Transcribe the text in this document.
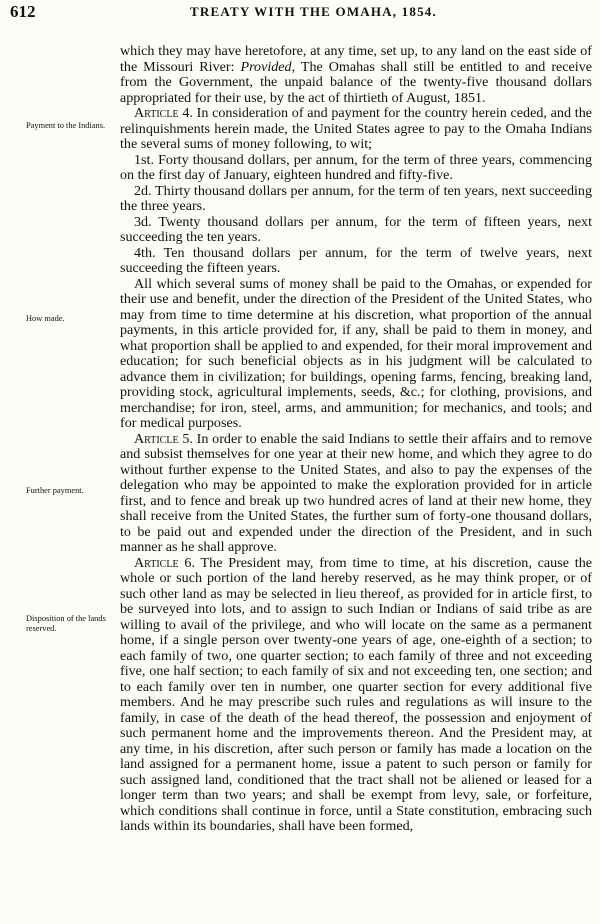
612	TREATY WITH THE OMAHA, 1854.
Payment to the Indians.
How made.
Further payment.
Disposition of the lands reserved.

which they may have heretofore, at any time, set up, to any land on the east side of the Missouri River: Provided, The Omahas shall still be entitled to and receive from the Government, the unpaid balance of the twenty-five thousand dollars appropriated for their use, by the act of thirtieth of August, 1851.

Article 4. In consideration of and payment for the country herein ceded, and the relinquishments herein made, the United States agree to pay to the Omaha Indians the several sums of money following, to wit;

1st. Forty thousand dollars, per annum, for the term of three years, commencing on the first day of January, eighteen hundred and fifty-five.

2d. Thirty thousand dollars per annum, for the term of ten years, next succeeding the three years.

3d. Twenty thousand dollars per annum, for the term of fifteen years, next succeeding the ten years.

4th. Ten thousand dollars per annum, for the term of twelve years, next succeeding the fifteen years.

All which several sums of money shall be paid to the Omahas, or expended for their use and benefit, under the direction of the President of the United States, who may from time to time determine at his discretion, what proportion of the annual payments, in this article provided for, if any, shall be paid to them in money, and what proportion shall be applied to and expended, for their moral improvement and education; for such beneficial objects as in his judgment will be calculated to advance them in civilization; for buildings, opening farms, fencing, breaking land, providing stock, agricultural implements, seeds, &c.; for clothing, provisions, and merchandise; for iron, steel, arms, and ammunition; for mechanics, and tools; and for medical purposes.

Article 5. In order to enable the said Indians to settle their affairs and to remove and subsist themselves for one year at their new home, and which they agree to do without further expense to the United States, and also to pay the expenses of the delegation who may be appointed to make the exploration provided for in article first, and to fence and break up two hundred acres of land at their new home, they shall receive from the United States, the further sum of forty-one thousand dollars, to be paid out and expended under the direction of the President, and in such manner as he shall approve.

Article 6. The President may, from time to time, at his discretion, cause the whole or such portion of the land hereby reserved, as he may think proper, or of such other land as may be selected in lieu thereof, as provided for in article first, to be surveyed into lots, and to assign to such Indian or Indians of said tribe as are willing to avail of the privilege, and who will locate on the same as a permanent home, if a single person over twenty-one years of age, one-eighth of a section; to each family of two, one quarter section; to each family of three and not exceeding five, one half section; to each family of six and not exceeding ten, one section; and to each family over ten in number, one quarter section for every additional five members. And he may prescribe such rules and regulations as will insure to the family, in case of the death of the head thereof, the possession and enjoyment of such permanent home and the improvements thereon. And the President may, at any time, in his discretion, after such person or family has made a location on the land assigned for a permanent home, issue a patent to such person or family for such assigned land, conditioned that the tract shall not be aliened or leased for a longer term than two years; and shall be exempt from levy, sale, or forfeiture, which conditions shall continue in force, until a State constitution, embracing such lands within its boundaries, shall have been formed,
